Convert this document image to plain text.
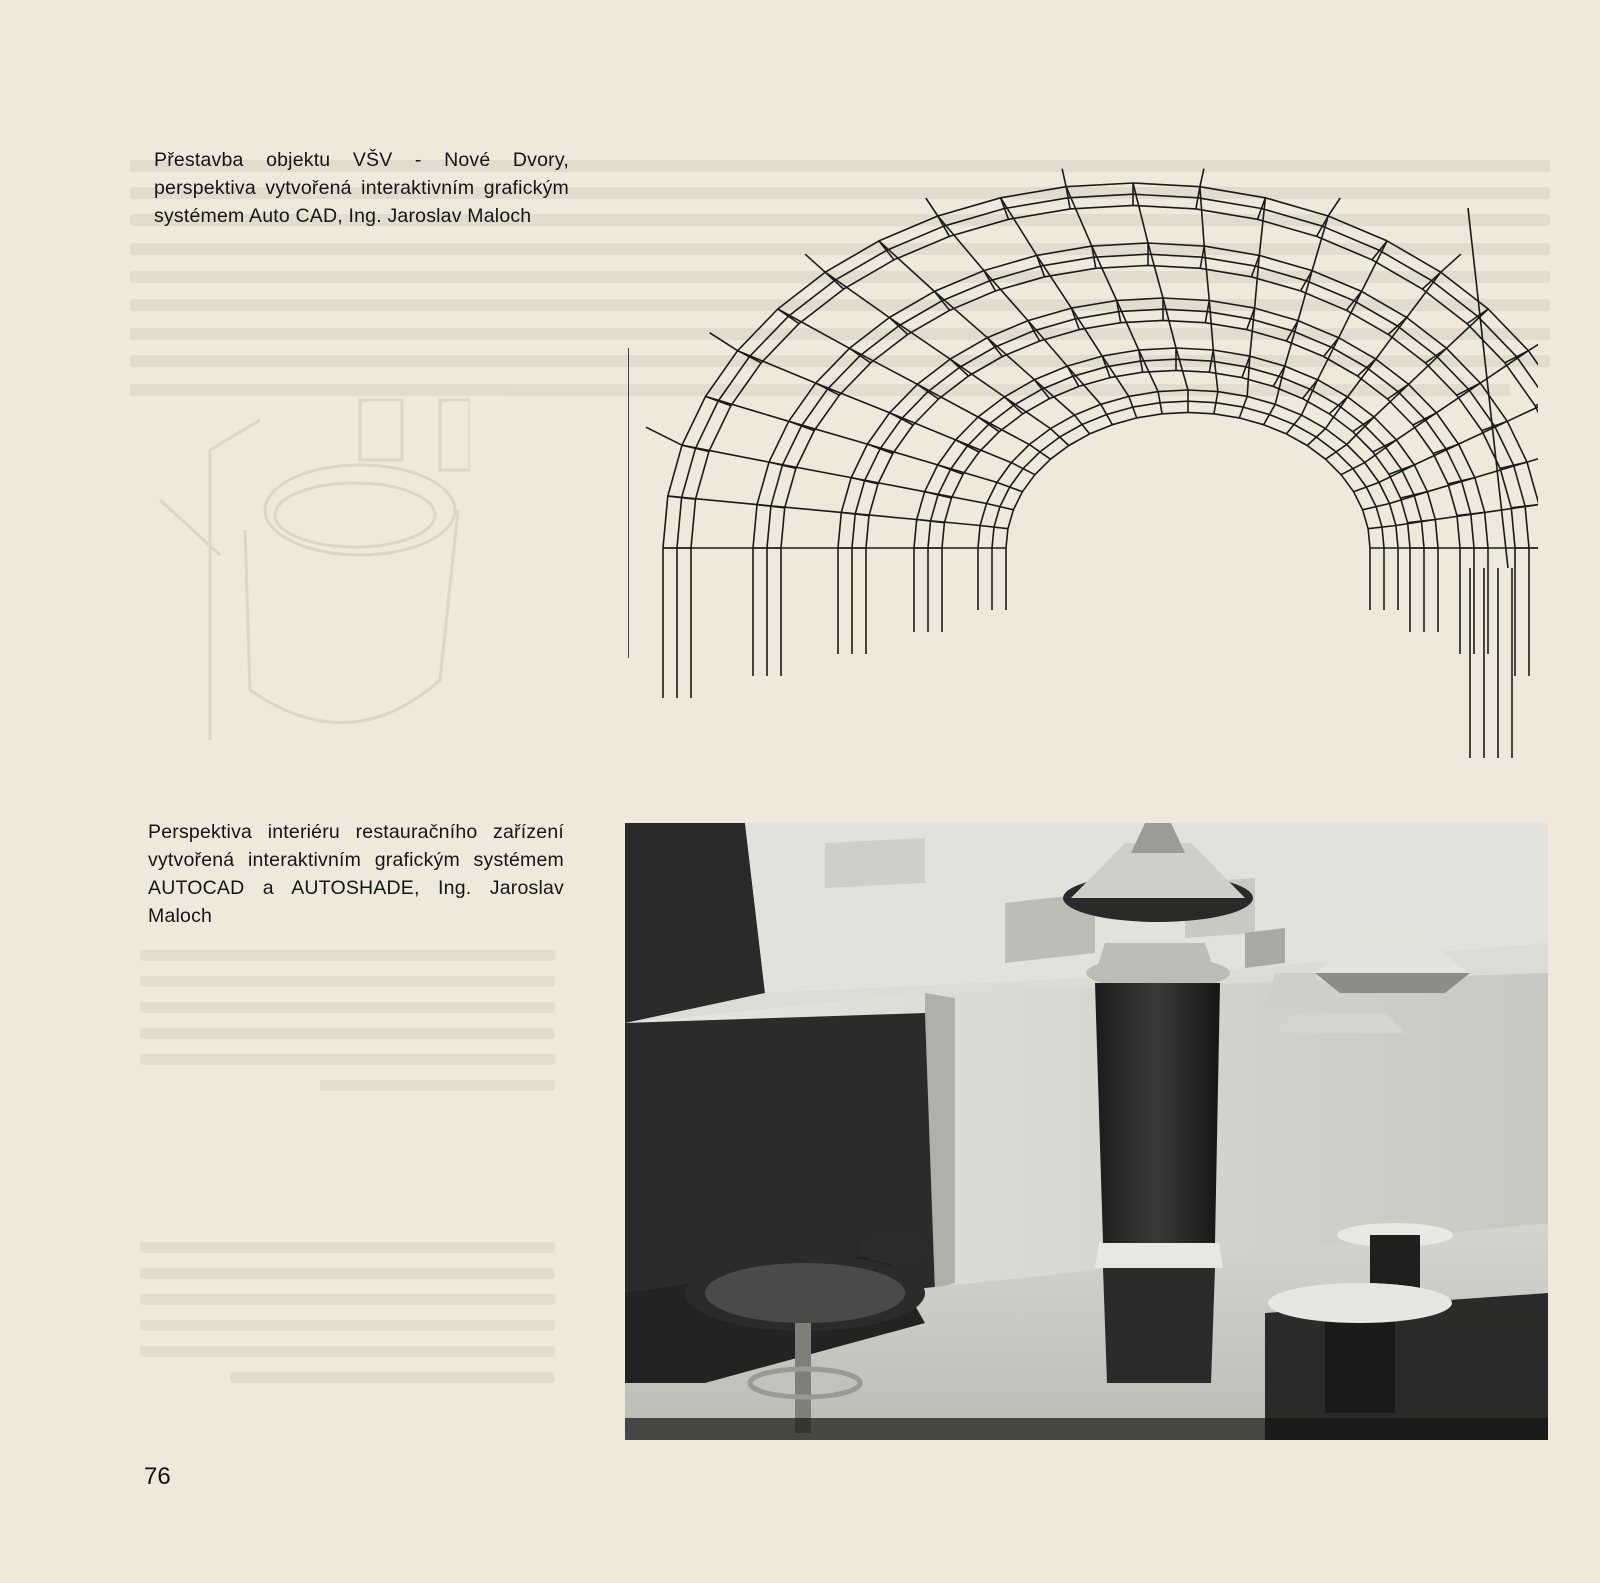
Přestavba objektu VŠV - Nové Dvory, perspektiva vytvořená interaktivním grafickým systémem Auto CAD, Ing. Jaroslav Maloch
Perspektiva interiéru restauračního zařízení vytvořená interaktivním grafickým systémem AUTOCAD a AUTOSHADE, Ing. Jaroslav Maloch
76
